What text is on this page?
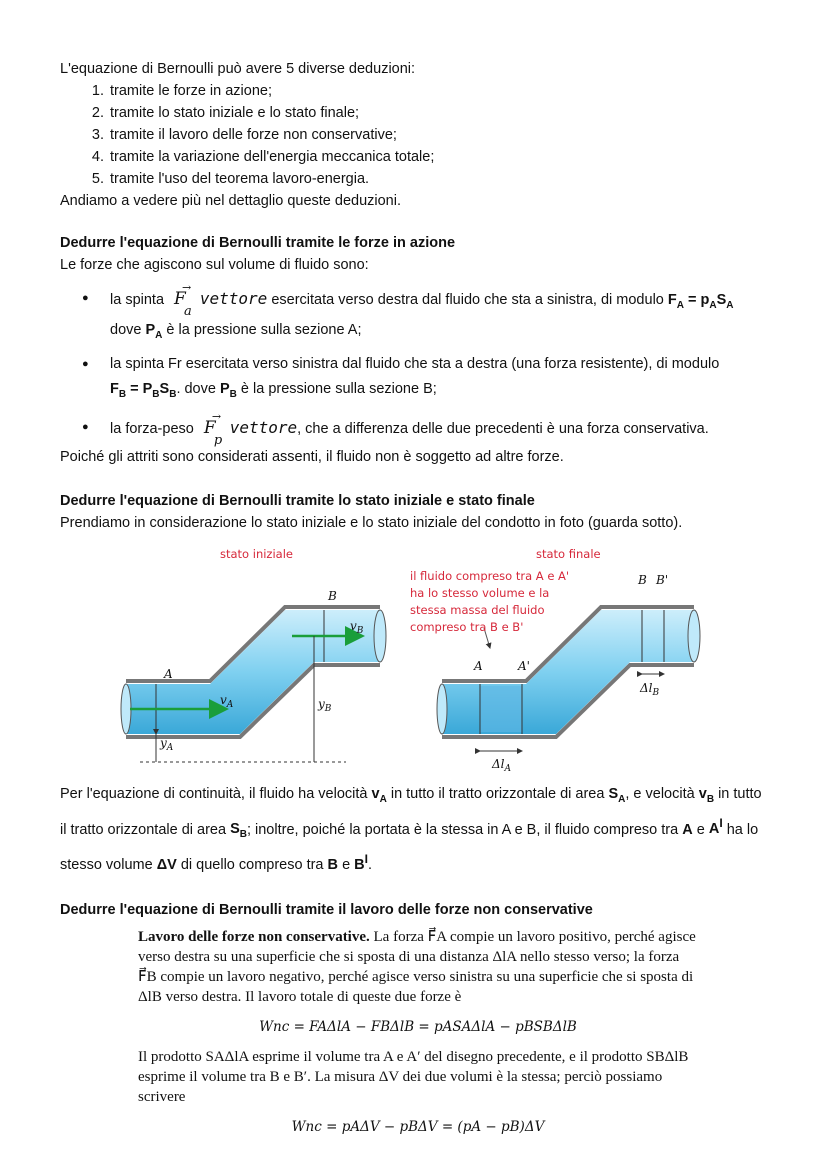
L'equazione di Bernoulli può avere 5 diverse deduzioni:

1. tramite le forze in azione;
2. tramite lo stato iniziale e lo stato finale;
3. tramite il lavoro delle forze non conservative;
4. tramite la variazione dell'energia meccanica totale;
5. tramite l'uso del teorema lavoro-energia.

Andiamo a vedere più nel dettaglio queste deduzioni.

Dedurre l'equazione di Bernoulli tramite le forze in azione

Le forze che agiscono sul volume di fluido sono:

● la spinta F
→
a
vettore esercitata verso destra dal fluido che sta a sinistra, di modulo $F_A = p_AS_A$
dove $P_A$ è la pressione sulla sezione A;
● la spinta Fr esercitata verso sinistra dal fluido che sta a destra (una forza resistente), di modulo
$F_B = P_BS_B$. dove $P_B$ è la pressione sulla sezione B;
● la forza-peso F
→
p
vettore, che a differenza delle due precedenti è una forza conservativa.

Poiché gli attriti sono considerati assenti, il fluido non è soggetto ad altre forze.

Dedurre l'equazione di Bernoulli tramite lo stato iniziale e stato finale

Prendiamo in considerazione lo stato iniziale e lo stato iniziale del condotto in foto (guarda sotto).

stato iniziale	stato finale
A
B
$v_A$
$v_B$
$y_A$
$y_B$
il fluido compreso tra A e A'
ha lo stesso volume e la
stessa massa del fluido
compreso tra B e B'
A	A'
B B'
$\Delta l_A$
$\Delta l_B$

Per l'equazione di continuità, il fluido ha velocità $v_A$ in tutto il tratto orizzontale di area $S_A$, e velocità $v_B$ in tutto il tratto orizzontale di area $S_B$; inoltre, poiché la portata è la stessa in A e B, il fluido compreso tra A e $A^I$ ha lo stesso volume ΔV di quello compreso tra B e $B^I$.

Dedurre l'equazione di Bernoulli tramite il lavoro delle forze non conservative

Lavoro delle forze non conservative. La forza F⃗A compie un lavoro positivo, perché agisce verso destra su una superficie che si sposta di una distanza ΔlA nello stesso verso; la forza F⃗B compie un lavoro negativo, perché agisce verso sinistra su una superficie che si sposta di ΔlB verso destra. Il lavoro totale di queste due forze è

Wnc = FAΔlA − FBΔlB = pASAΔlA − pBSBΔlB

Il prodotto SAΔlA esprime il volume tra A e A′ del disegno precedente, e il prodotto SBΔlB esprime il volume tra B e B′. La misura ΔV dei due volumi è la stessa; perciò possiamo scrivere

Wnc = pAΔV − pBΔV = (pA − pB)ΔV
